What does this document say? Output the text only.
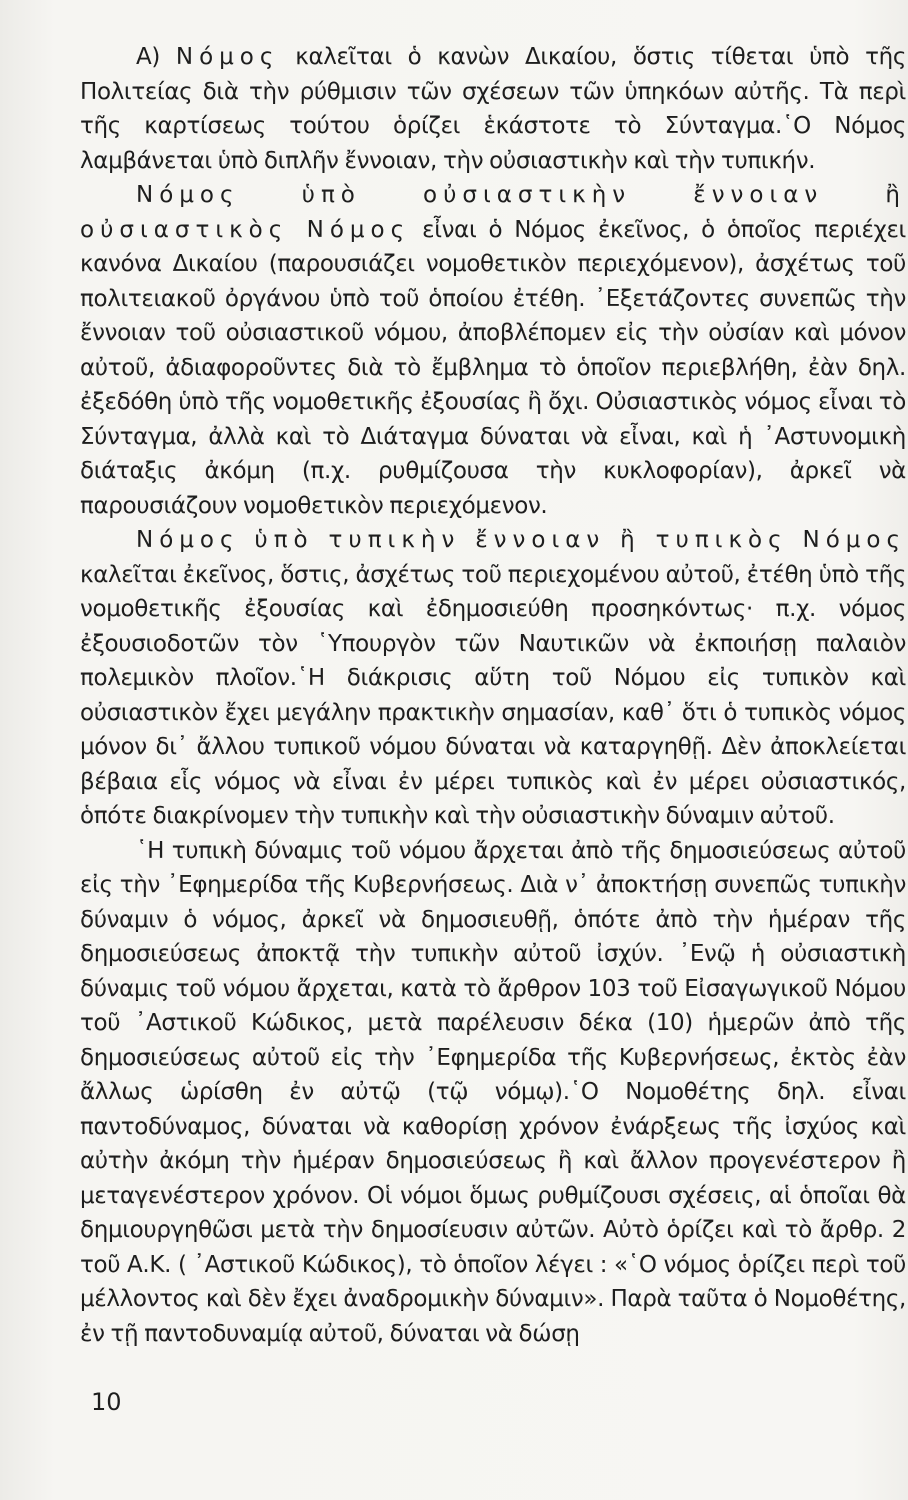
Α) Νόμος καλεῖται ὁ κανὼν Δικαίου, ὅστις τίθεται ὑπὸ τῆς Πολιτείας διὰ τὴν ρύθμισιν τῶν σχέσεων τῶν ὑπηκόων αὐτῆς. Τὰ περὶ τῆς καρτίσεως τούτου ὁρίζει ἑκάστοτε τὸ Σύνταγμα.῾Ο Νόμος λαμβάνεται ὑπὸ διπλῆν ἔννοιαν, τὴν οὐσιαστικὴν καὶ τὴν τυπικήν.

Νόμος ὑπὸ οὐσιαστικὴν ἔννοιαν ἢ οὐσιαστικὸς Νόμος εἶναι ὁ Νόμος ἐκεῖνος, ὁ ὁποῖος περιέχει κανόνα Δικαίου (παρουσιάζει νομοθετικὸν περιεχόμενον), ἀσχέτως τοῦ πολιτειακοῦ ὀργάνου ὑπὸ τοῦ ὁποίου ἐτέθη. ᾿Εξετάζοντες συνεπῶς τὴν ἔννοιαν τοῦ οὐσιαστικοῦ νόμου, ἀποβλέπομεν εἰς τὴν οὐσίαν καὶ μόνον αὐτοῦ, ἀδιαφοροῦντες διὰ τὸ ἔμβλημα τὸ ὁποῖον περιεβλήθη, ἐὰν δηλ. ἐξεδόθη ὑπὸ τῆς νομοθετικῆς ἐξουσίας ἢ ὄχι. Οὐσιαστικὸς νόμος εἶναι τὸ Σύνταγμα, ἀλλὰ καὶ τὸ Διάταγμα δύναται νὰ εἶναι, καὶ ἡ ᾿Αστυνομικὴ διάταξις ἀκόμη (π.χ. ρυθμίζουσα τὴν κυκλοφορίαν), ἀρκεῖ νὰ παρουσιάζουν νομοθετικὸν περιεχόμενον.

Νόμος ὑπὸ τυπικὴν ἔννοιαν ἢ τυπικὸς Νόμος καλεῖται ἐκεῖνος, ὅστις, ἀσχέτως τοῦ περιεχομένου αὐτοῦ, ἐτέθη ὑπὸ τῆς νομοθετικῆς ἐξουσίας καὶ ἐδημοσιεύθη προσηκόντως· π.χ. νόμος ἐξουσιοδοτῶν τὸν ῾Υπουργὸν τῶν Ναυτικῶν νὰ ἐκποιήσῃ παλαιὸν πολεμικὸν πλοῖον.῾Η διάκρισις αὕτη τοῦ Νόμου εἰς τυπικὸν καὶ οὐσιαστικὸν ἔχει μεγάλην πρακτικὴν σημασίαν, καθ᾿ ὅτι ὁ τυπικὸς νόμος μόνον δι᾿ ἄλλου τυπικοῦ νόμου δύναται νὰ καταργηθῇ. Δὲν ἀποκλείεται βέβαια εἷς νόμος νὰ εἶναι ἐν μέρει τυπικὸς καὶ ἐν μέρει οὐσιαστικός, ὁπότε διακρίνομεν τὴν τυπικὴν καὶ τὴν οὐσιαστικὴν δύναμιν αὐτοῦ.

῾Η τυπικὴ δύναμις τοῦ νόμου ἄρχεται ἀπὸ τῆς δημοσιεύσεως αὐτοῦ εἰς τὴν ᾿Εφημερίδα τῆς Κυβερνήσεως. Διὰ ν᾿ ἀποκτήσῃ συνεπῶς τυπικὴν δύναμιν ὁ νόμος, ἀρκεῖ νὰ δημοσιευθῇ, ὁπότε ἀπὸ τὴν ἡμέραν τῆς δημοσιεύσεως ἀποκτᾷ τὴν τυπικὴν αὐτοῦ ἰσχύν. ᾿Ενῷ ἡ οὐσιαστικὴ δύναμις τοῦ νόμου ἄρχεται, κατὰ τὸ ἄρθρον 103 τοῦ Εἰσαγωγικοῦ Νόμου τοῦ ᾿Αστικοῦ Κώδικος, μετὰ παρέλευσιν δέκα (10) ἡμερῶν ἀπὸ τῆς δημοσιεύσεως αὐτοῦ εἰς τὴν ᾿Εφημερίδα τῆς Κυβερνήσεως, ἐκτὸς ἐὰν ἄλλως ὡρίσθη ἐν αὐτῷ (τῷ νόμῳ).῾Ο Νομοθέτης δηλ. εἶναι παντοδύναμος, δύναται νὰ καθορίσῃ χρόνον ἐνάρξεως τῆς ἰσχύος καὶ αὐτὴν ἀκόμη τὴν ἡμέραν δημοσιεύσεως ἢ καὶ ἄλλον προγενέστερον ἢ μεταγενέστερον χρόνον. Οἱ νόμοι ὅμως ρυθμίζουσι σχέσεις, αἱ ὁποῖαι θὰ δημιουργηθῶσι μετὰ τὴν δημοσίευσιν αὐτῶν. Αὐτὸ ὁρίζει καὶ τὸ ἄρθρ. 2 τοῦ Α.Κ. ( ᾿Αστικοῦ Κώδικος), τὸ ὁποῖον λέγει : «῾Ο νόμος ὁρίζει περὶ τοῦ μέλλοντος καὶ δὲν ἔχει ἀναδρομικὴν δύναμιν». Παρὰ ταῦτα ὁ Νομοθέτης, ἐν τῇ παντοδυναμίᾳ αὐτοῦ, δύναται νὰ δώσῃ

10
